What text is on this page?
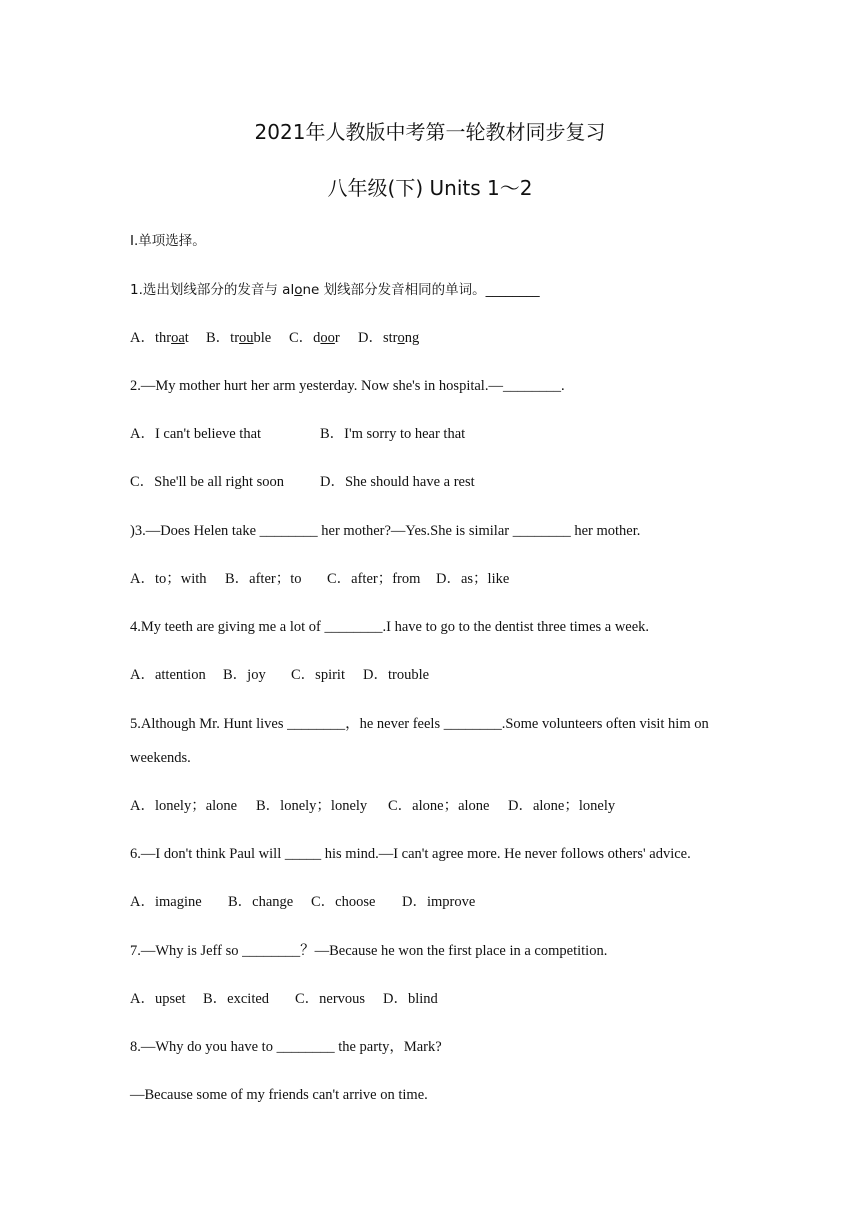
2021年人教版中考第一轮教材同步复习
八年级(下) Units 1～2
I.单项选择。
1.选出划线部分的发音与 alone 划线部分发音相同的单词。________
A．throat B．trouble C．door D．strong
2.—My mother hurt her arm yesterday. Now she's in hospital.—________.
A．I can't believe that	B．I'm sorry to hear that
C．She'll be all right soon D．She should have a rest
)3.—Does Helen take ________ her mother?—Yes.She is similar ________ her mother.
A．to；with B．after；to C．after；from D．as；like
4.My teeth are giving me a lot of ________.I have to go to the dentist three times a week.
A．attention B．joy C．spirit D．trouble
5.Although Mr. Hunt lives ________，he never feels ________.Some volunteers often visit him on
weekends.
A．lonely；alone B．lonely；lonely C．alone；alone D．alone；lonely
6.—I don't think Paul will _____ his mind.—I can't agree more. He never follows others' advice.
A．imagine B．change C．choose D．improve
7.—Why is Jeff so ________？—Because he won the first place in a competition.
A．upset B．excited C．nervous D．blind
8.—Why do you have to ________ the party，Mark?
—Because some of my friends can't arrive on time.
